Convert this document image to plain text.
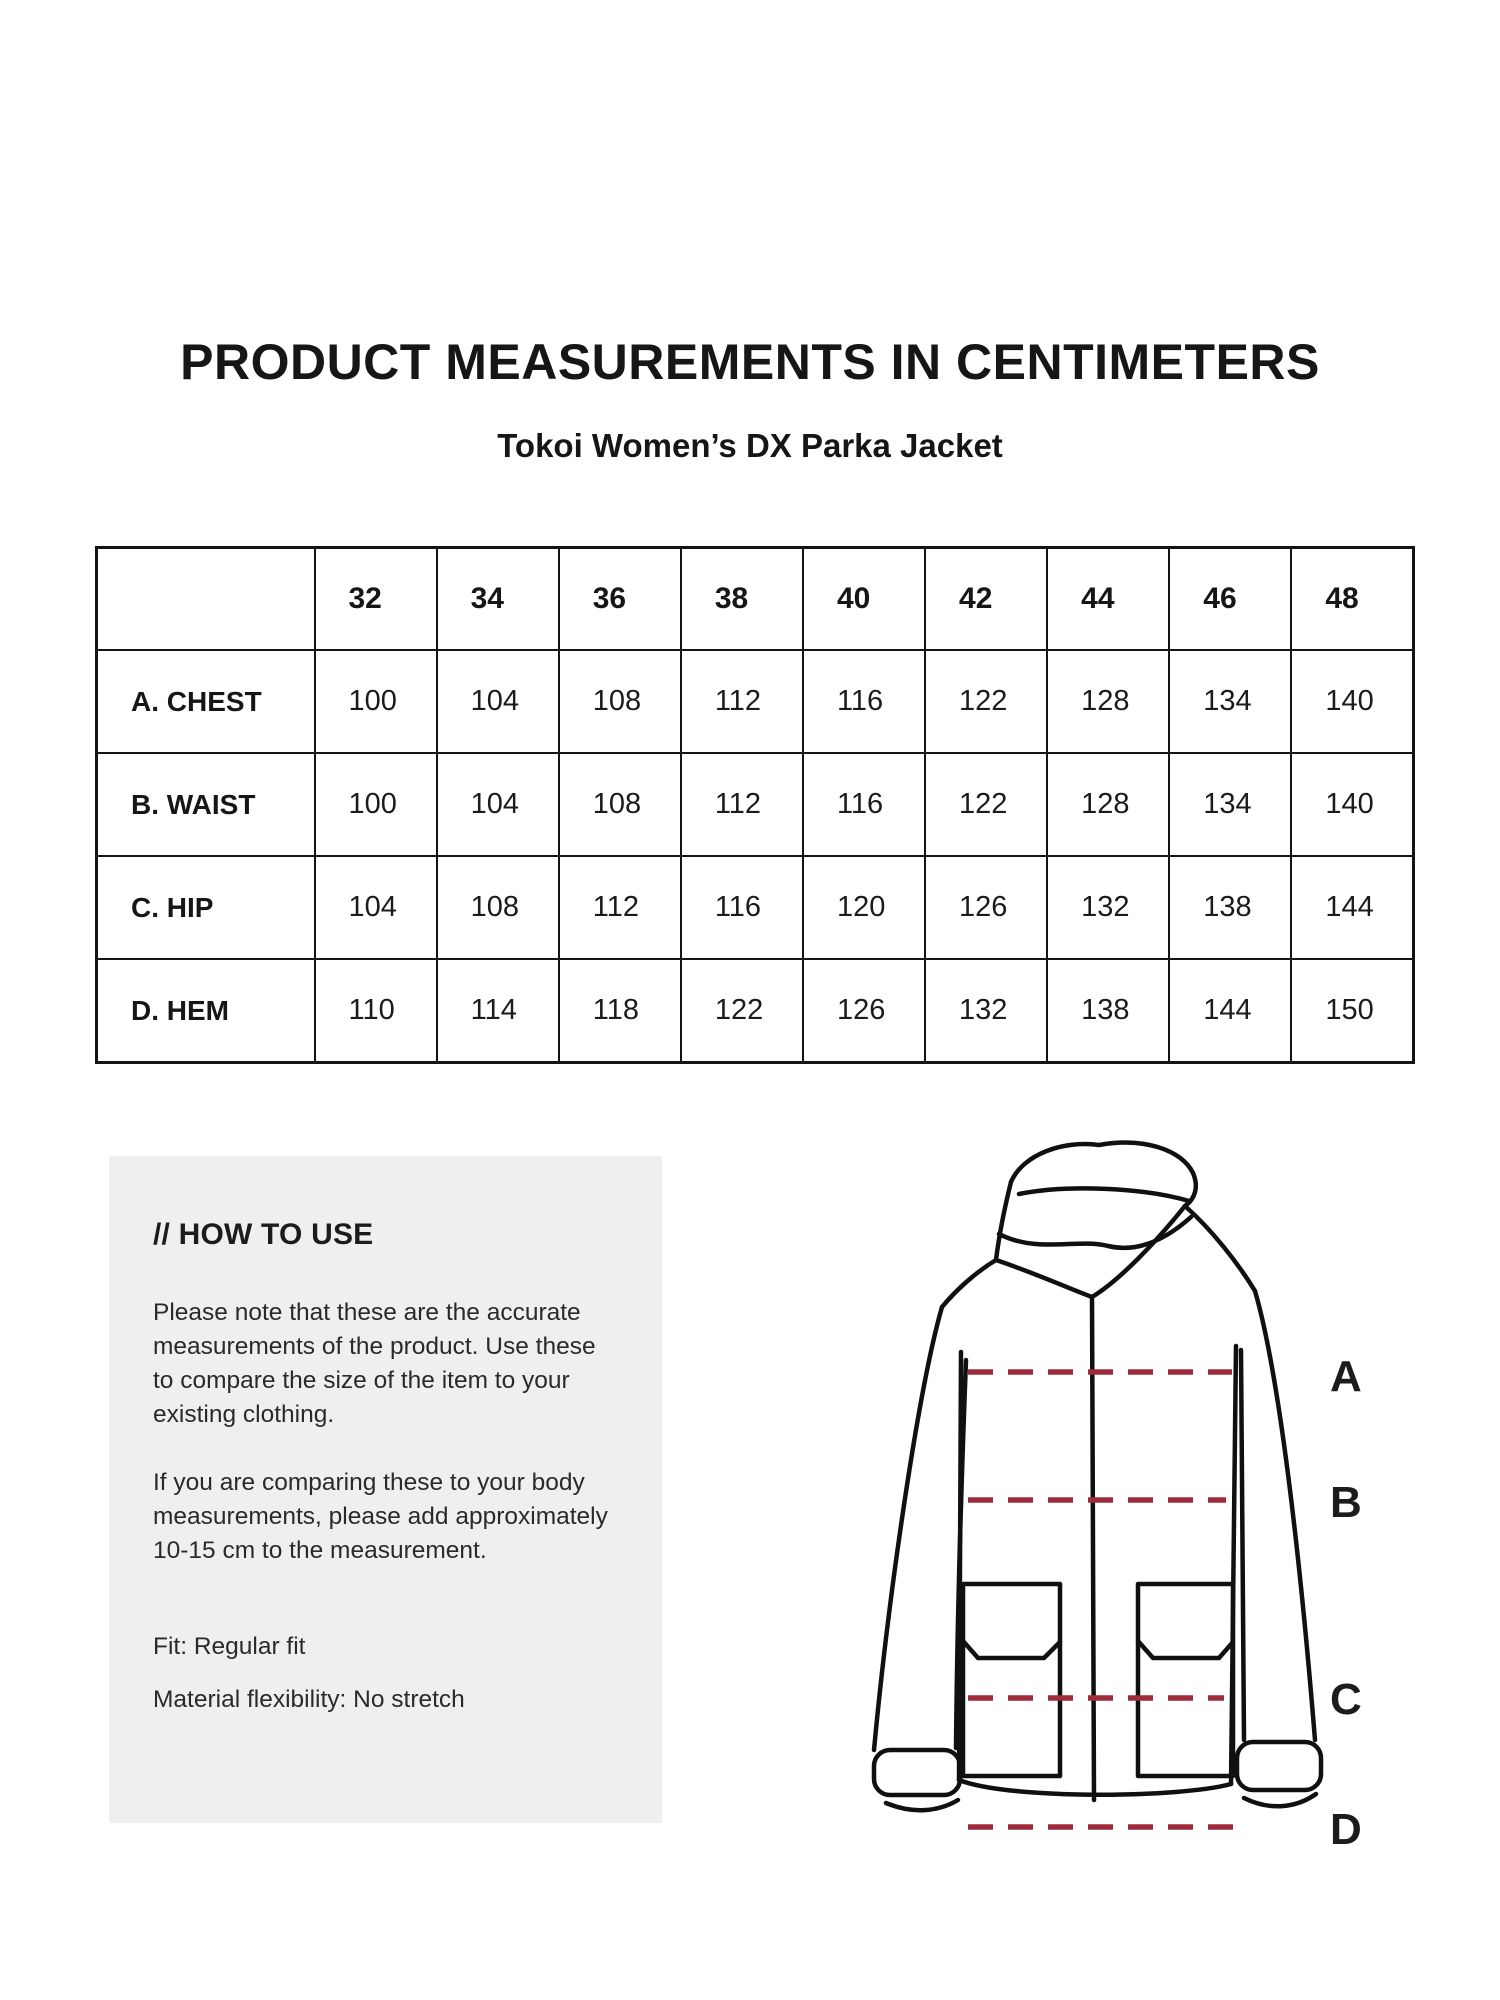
PRODUCT MEASUREMENTS IN CENTIMETERS
Tokoi Women’s DX Parka Jacket
	32	34	36	38	40	42	44	46	48
A. CHEST	100	104	108	112	116	122	128	134	140
B. WAIST	100	104	108	112	116	122	128	134	140
C. HIP	104	108	112	116	120	126	132	138	144
D. HEM	110	114	118	122	126	132	138	144	150
// HOW TO USE

Please note that these are the accurate measurements of the product. Use these to compare the size of the item to your existing clothing.

If you are comparing these to your body measurements, please add approximately 10-15 cm to the measurement.

Fit: Regular fit
Material flexibility: No stretch
A
B
C
D
